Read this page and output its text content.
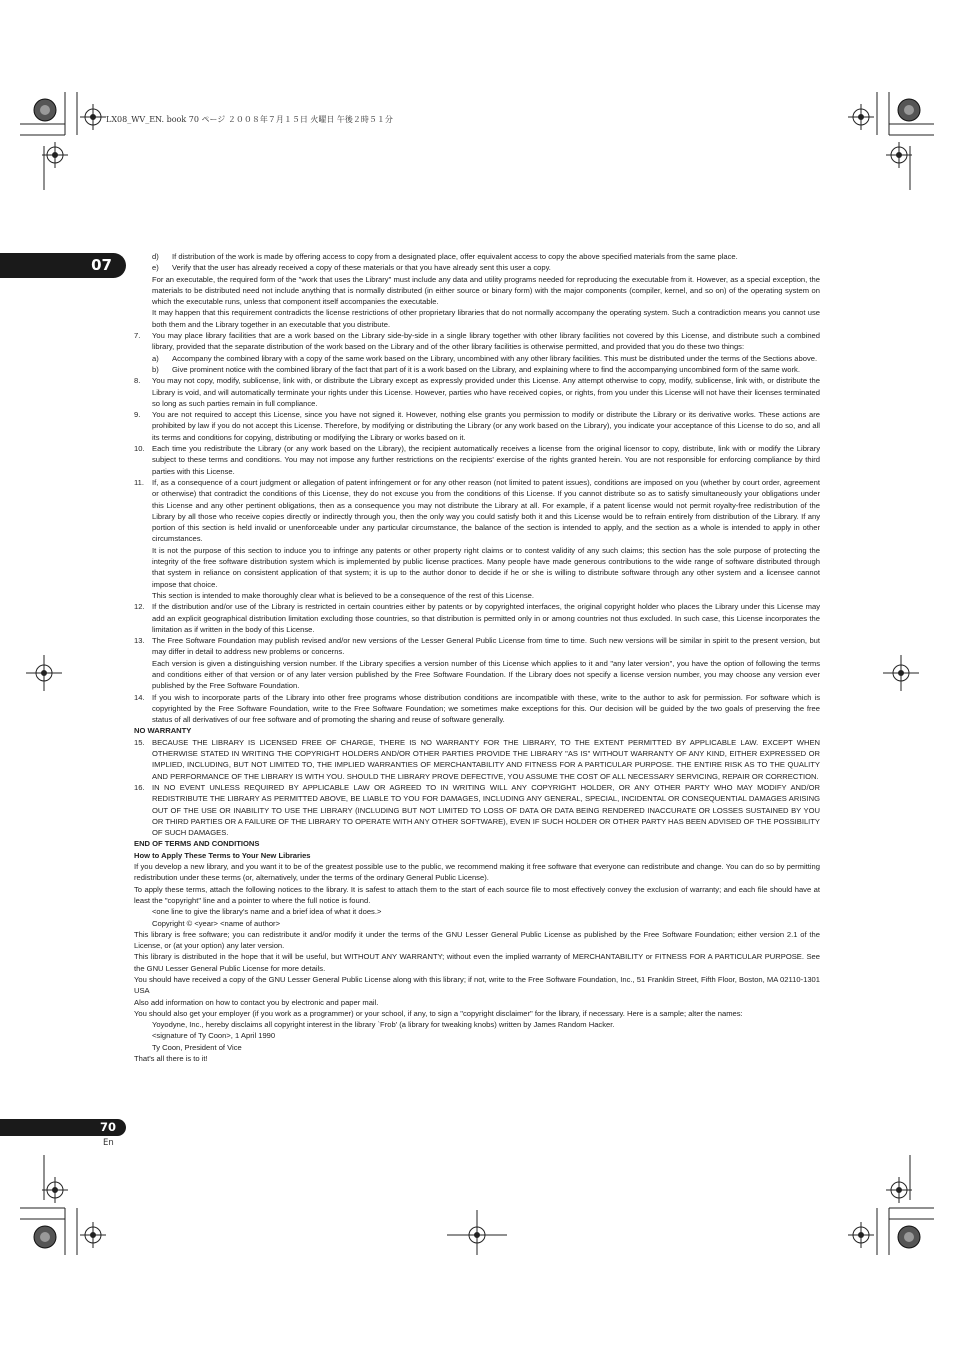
LX08_WV_EN. book 70 ページ ２００８年７月１５日 火曜日 午後２時５１分
07
70
En

d) If distribution of the work is made by offering access to copy from a designated place, offer equivalent access to copy the above specified materials from the same place.

e) Verify that the user has already received a copy of these materials or that you have already sent this user a copy.

For an executable, the required form of the "work that uses the Library" must include any data and utility programs needed for reproducing the executable from it. However, as a special exception, the materials to be distributed need not include anything that is normally distributed (in either source or binary form) with the major components (compiler, kernel, and so on) of the operating system on which the executable runs, unless that component itself accompanies the executable.

It may happen that this requirement contradicts the license restrictions of other proprietary libraries that do not normally accompany the operating system. Such a contradiction means you cannot use both them and the Library together in an executable that you distribute.

7. You may place library facilities that are a work based on the Library side-by-side in a single library together with other library facilities not covered by this License, and distribute such a combined library, provided that the separate distribution of the work based on the Library and of the other library facilities is otherwise permitted, and provided that you do these two things:

a) Accompany the combined library with a copy of the same work based on the Library, uncombined with any other library facilities. This must be distributed under the terms of the Sections above.

b) Give prominent notice with the combined library of the fact that part of it is a work based on the Library, and explaining where to find the accompanying uncombined form of the same work.

8. You may not copy, modify, sublicense, link with, or distribute the Library except as expressly provided under this License. Any attempt otherwise to copy, modify, sublicense, link with, or distribute the Library is void, and will automatically terminate your rights under this License. However, parties who have received copies, or rights, from you under this License will not have their licenses terminated so long as such parties remain in full compliance.

9. You are not required to accept this License, since you have not signed it. However, nothing else grants you permission to modify or distribute the Library or its derivative works. These actions are prohibited by law if you do not accept this License. Therefore, by modifying or distributing the Library (or any work based on the Library), you indicate your acceptance of this License to do so, and all its terms and conditions for copying, distributing or modifying the Library or works based on it.

10. Each time you redistribute the Library (or any work based on the Library), the recipient automatically receives a license from the original licensor to copy, distribute, link with or modify the Library subject to these terms and conditions. You may not impose any further restrictions on the recipients' exercise of the rights granted herein. You are not responsible for enforcing compliance by third parties with this License.

11. If, as a consequence of a court judgment or allegation of patent infringement or for any other reason (not limited to patent issues), conditions are imposed on you (whether by court order, agreement or otherwise) that contradict the conditions of this License, they do not excuse you from the conditions of this License. If you cannot distribute so as to satisfy simultaneously your obligations under this License and any other pertinent obligations, then as a consequence you may not distribute the Library at all. For example, if a patent license would not permit royalty-free redistribution of the Library by all those who receive copies directly or indirectly through you, then the only way you could satisfy both it and this License would be to refrain entirely from distribution of the Library. If any portion of this section is held invalid or unenforceable under any particular circumstance, the balance of the section is intended to apply, and the section as a whole is intended to apply in other circumstances.

It is not the purpose of this section to induce you to infringe any patents or other property right claims or to contest validity of any such claims; this section has the sole purpose of protecting the integrity of the free software distribution system which is implemented by public license practices. Many people have made generous contributions to the wide range of software distributed through that system in reliance on consistent application of that system; it is up to the author donor to decide if he or she is willing to distribute software through any other system and a licensee cannot impose that choice.

This section is intended to make thoroughly clear what is believed to be a consequence of the rest of this License.

12. If the distribution and/or use of the Library is restricted in certain countries either by patents or by copyrighted interfaces, the original copyright holder who places the Library under this License may add an explicit geographical distribution limitation excluding those countries, so that distribution is permitted only in or among countries not thus excluded. In such case, this License incorporates the limitation as if written in the body of this License.

13. The Free Software Foundation may publish revised and/or new versions of the Lesser General Public License from time to time. Such new versions will be similar in spirit to the present version, but may differ in detail to address new problems or concerns.

Each version is given a distinguishing version number. If the Library specifies a version number of this License which applies to it and "any later version", you have the option of following the terms and conditions either of that version or of any later version published by the Free Software Foundation. If the Library does not specify a license version number, you may choose any version ever published by the Free Software Foundation.

14. If you wish to incorporate parts of the Library into other free programs whose distribution conditions are incompatible with these, write to the author to ask for permission. For software which is copyrighted by the Free Software Foundation, write to the Free Software Foundation; we sometimes make exceptions for this. Our decision will be guided by the two goals of preserving the free status of all derivatives of our free software and of promoting the sharing and reuse of software generally.

NO WARRANTY

15. BECAUSE THE LIBRARY IS LICENSED FREE OF CHARGE, THERE IS NO WARRANTY FOR THE LIBRARY, TO THE EXTENT PERMITTED BY APPLICABLE LAW. EXCEPT WHEN OTHERWISE STATED IN WRITING THE COPYRIGHT HOLDERS AND/OR OTHER PARTIES PROVIDE THE LIBRARY "AS IS" WITHOUT WARRANTY OF ANY KIND, EITHER EXPRESSED OR IMPLIED, INCLUDING, BUT NOT LIMITED TO, THE IMPLIED WARRANTIES OF MERCHANTABILITY AND FITNESS FOR A PARTICULAR PURPOSE. THE ENTIRE RISK AS TO THE QUALITY AND PERFORMANCE OF THE LIBRARY IS WITH YOU. SHOULD THE LIBRARY PROVE DEFECTIVE, YOU ASSUME THE COST OF ALL NECESSARY SERVICING, REPAIR OR CORRECTION.

16. IN NO EVENT UNLESS REQUIRED BY APPLICABLE LAW OR AGREED TO IN WRITING WILL ANY COPYRIGHT HOLDER, OR ANY OTHER PARTY WHO MAY MODIFY AND/OR REDISTRIBUTE THE LIBRARY AS PERMITTED ABOVE, BE LIABLE TO YOU FOR DAMAGES, INCLUDING ANY GENERAL, SPECIAL, INCIDENTAL OR CONSEQUENTIAL DAMAGES ARISING OUT OF THE USE OR INABILITY TO USE THE LIBRARY (INCLUDING BUT NOT LIMITED TO LOSS OF DATA OR DATA BEING RENDERED INACCURATE OR LOSSES SUSTAINED BY YOU OR THIRD PARTIES OR A FAILURE OF THE LIBRARY TO OPERATE WITH ANY OTHER SOFTWARE), EVEN IF SUCH HOLDER OR OTHER PARTY HAS BEEN ADVISED OF THE POSSIBILITY OF SUCH DAMAGES.

END OF TERMS AND CONDITIONS

How to Apply These Terms to Your New Libraries

If you develop a new library, and you want it to be of the greatest possible use to the public, we recommend making it free software that everyone can redistribute and change. You can do so by permitting redistribution under these terms (or, alternatively, under the terms of the ordinary General Public License).

To apply these terms, attach the following notices to the library. It is safest to attach them to the start of each source file to most effectively convey the exclusion of warranty; and each file should have at least the "copyright" line and a pointer to where the full notice is found.

<one line to give the library's name and a brief idea of what it does.>

Copyright © <year> <name of author>

This library is free software; you can redistribute it and/or modify it under the terms of the GNU Lesser General Public License as published by the Free Software Foundation; either version 2.1 of the License, or (at your option) any later version.

This library is distributed in the hope that it will be useful, but WITHOUT ANY WARRANTY; without even the implied warranty of MERCHANTABILITY or FITNESS FOR A PARTICULAR PURPOSE. See the GNU Lesser General Public License for more details.

You should have received a copy of the GNU Lesser General Public License along with this library; if not, write to the Free Software Foundation, Inc., 51 Franklin Street, Fifth Floor, Boston, MA 02110-1301 USA

Also add information on how to contact you by electronic and paper mail.

You should also get your employer (if you work as a programmer) or your school, if any, to sign a "copyright disclaimer" for the library, if necessary. Here is a sample; alter the names:

Yoyodyne, Inc., hereby disclaims all copyright interest in the library `Frob' (a library for tweaking knobs) written by James Random Hacker.

<signature of Ty Coon>, 1 April 1990

Ty Coon, President of Vice

That's all there is to it!
